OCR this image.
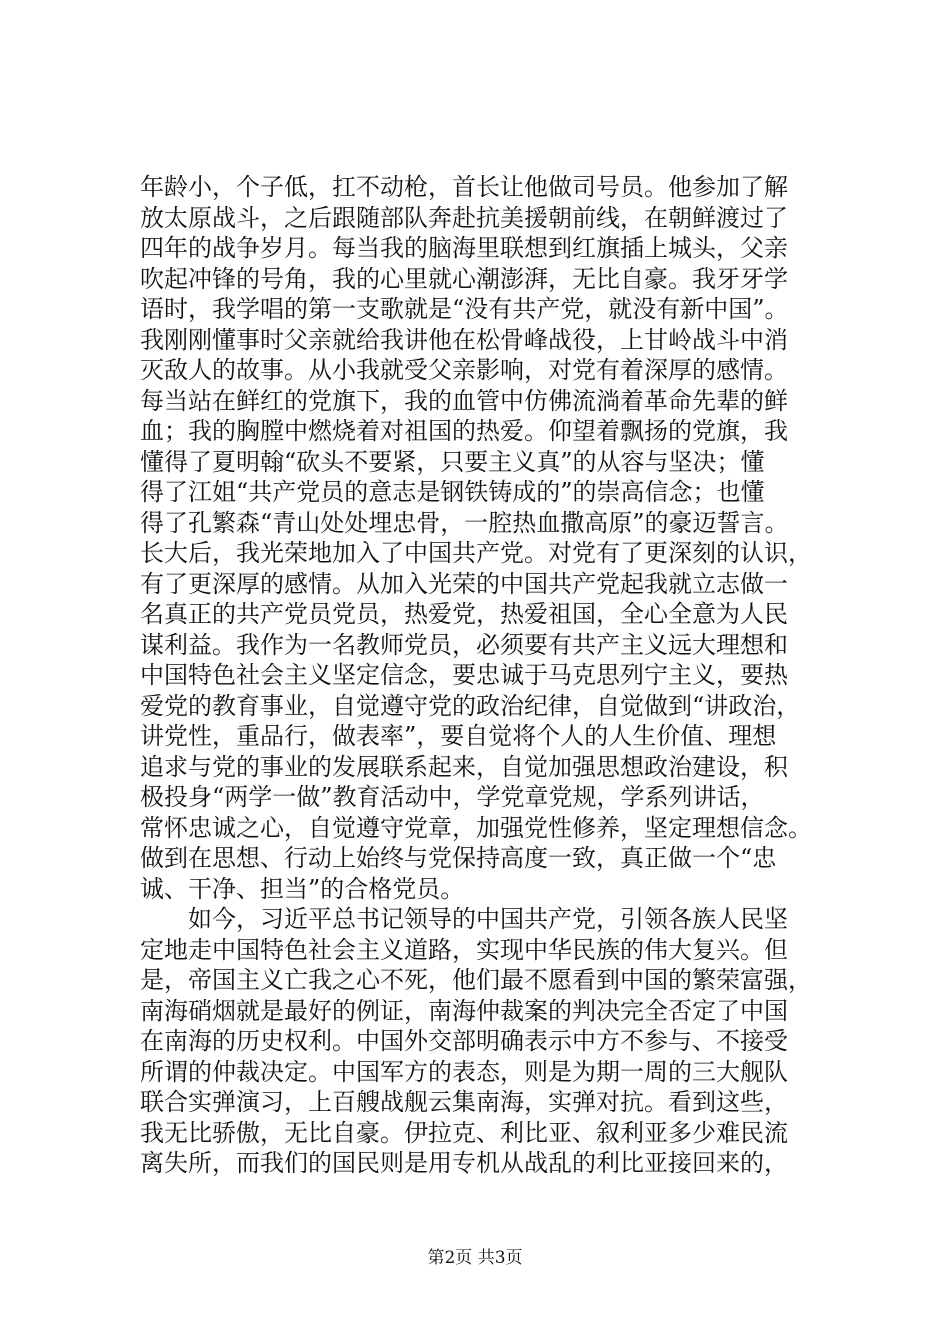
年龄小，个子低，扛不动枪，首长让他做司号员。他参加了解
放太原战斗，之后跟随部队奔赴抗美援朝前线，在朝鲜渡过了
四年的战争岁月。每当我的脑海里联想到红旗插上城头，父亲
吹起冲锋的号角，我的心里就心潮澎湃，无比自豪。我牙牙学
语时，我学唱的第一支歌就是“没有共产党，就没有新中国”。
我刚刚懂事时父亲就给我讲他在松骨峰战役，上甘岭战斗中消
灭敌人的故事。从小我就受父亲影响，对党有着深厚的感情。
每当站在鲜红的党旗下，我的血管中仿佛流淌着革命先辈的鲜
血；我的胸膛中燃烧着对祖国的热爱。仰望着飘扬的党旗，我
懂得了夏明翰“砍头不要紧，只要主义真”的从容与坚决；懂
得了江姐“共产党员的意志是钢铁铸成的”的崇高信念；也懂
得了孔繁森“青山处处埋忠骨，一腔热血撒高原”的豪迈誓言。
长大后，我光荣地加入了中国共产党。对党有了更深刻的认识，
有了更深厚的感情。从加入光荣的中国共产党起我就立志做一
名真正的共产党员党员，热爱党，热爱祖国，全心全意为人民
谋利益。我作为一名教师党员，必须要有共产主义远大理想和
中国特色社会主义坚定信念，要忠诚于马克思列宁主义，要热
爱党的教育事业，自觉遵守党的政治纪律，自觉做到“讲政治，
讲党性，重品行，做表率”，要自觉将个人的人生价值、理想
追求与党的事业的发展联系起来，自觉加强思想政治建设，积
极投身“两学一做”教育活动中，学党章党规，学系列讲话，
常怀忠诚之心，自觉遵守党章，加强党性修养，坚定理想信念。
做到在思想、行动上始终与党保持高度一致，真正做一个“忠
诚、干净、担当”的合格党员。
　　如今，习近平总书记领导的中国共产党，引领各族人民坚
定地走中国特色社会主义道路，实现中华民族的伟大复兴。但
是，帝国主义亡我之心不死，他们最不愿看到中国的繁荣富强，
南海硝烟就是最好的例证，南海仲裁案的判决完全否定了中国
在南海的历史权利。中国外交部明确表示中方不参与、不接受
所谓的仲裁决定。中国军方的表态，则是为期一周的三大舰队
联合实弹演习，上百艘战舰云集南海，实弹对抗。看到这些，
我无比骄傲，无比自豪。伊拉克、利比亚、叙利亚多少难民流
离失所，而我们的国民则是用专机从战乱的利比亚接回来的，
第2页 共3页
